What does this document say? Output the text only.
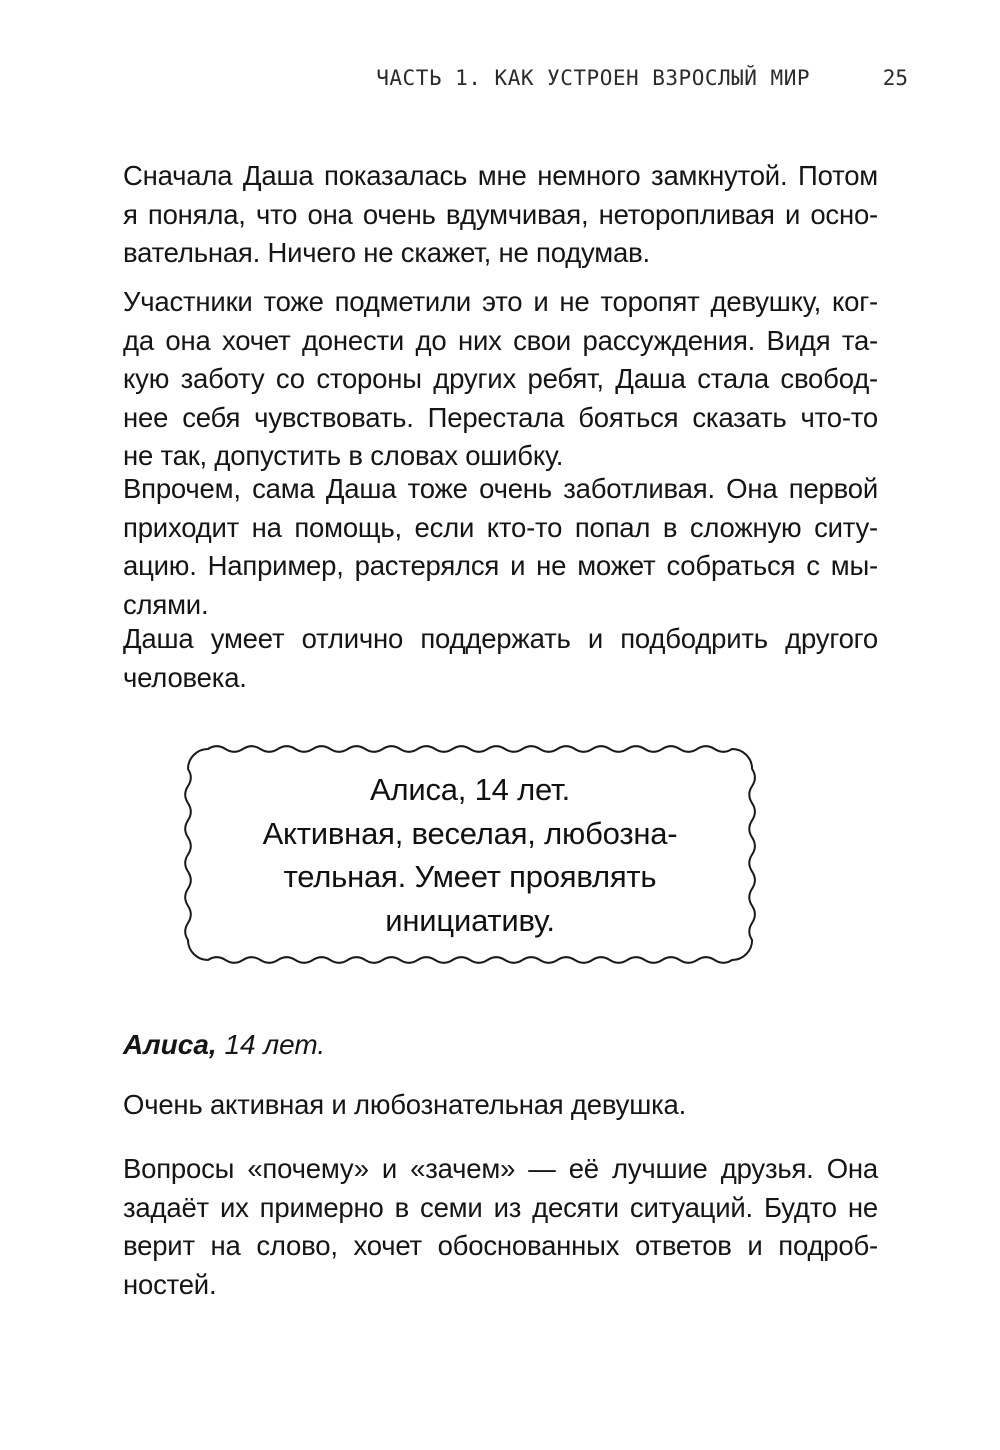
ЧАСТЬ 1. КАК УСТРОЕН ВЗРОСЛЫЙ МИР	25
Сначала Даша показалась мне немного замкнутой. Потом
я поняла, что она очень вдумчивая, неторопливая и осно-
вательная. Ничего не скажет, не подумав.
Участники тоже подметили это и не торопят девушку, ког-
да она хочет донести до них свои рассуждения. Видя та-
кую заботу со стороны других ребят, Даша стала свобод-
нее себя чувствовать. Перестала бояться сказать что-то
не так, допустить в словах ошибку.
Впрочем, сама Даша тоже очень заботливая. Она первой
приходит на помощь, если кто-то попал в сложную ситу-
ацию. Например, растерялся и не может собраться с мы-
слями.
Даша умеет отлично поддержать и подбодрить другого
человека.
Алиса, 14 лет.
Активная, веселая, любозна-
тельная. Умеет проявлять
инициативу.
Алиса, 14 лет.
Очень активная и любознательная девушка.
Вопросы «почему» и «зачем» — её лучшие друзья. Она
задаёт их примерно в семи из десяти ситуаций. Будто не
верит на слово, хочет обоснованных ответов и подроб-
ностей.
